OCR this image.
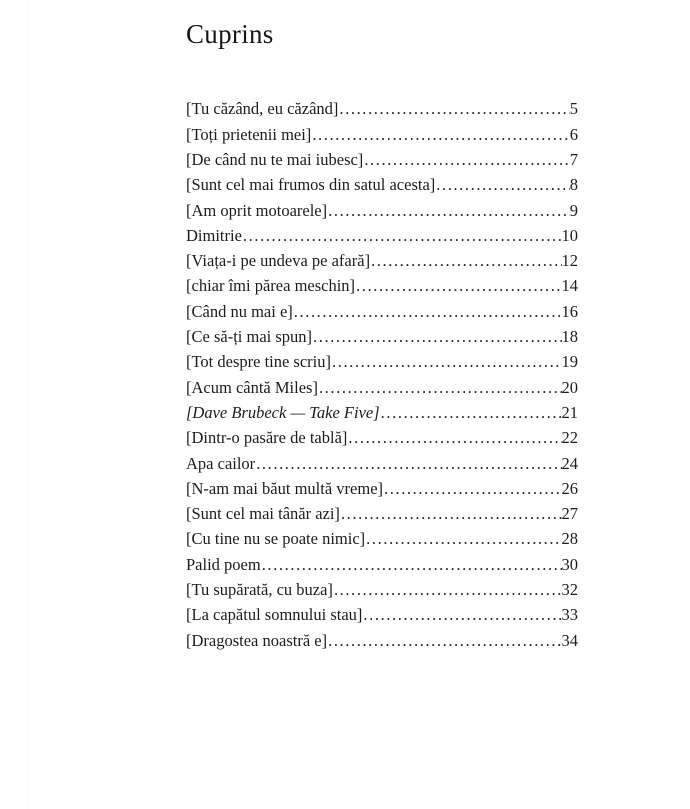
Cuprins
[Tu căzând, eu căzând] .....	5
[Toți prietenii mei] .....	6
[De când nu te mai iubesc] .....	7
[Sunt cel mai frumos din satul acesta] .....	8
[Am oprit motoarele] .....	9
Dimitrie .....	10
[Viața-i pe undeva pe afară] .....	12
[chiar îmi părea meschin] .....	14
[Când nu mai e] .....	16
[Ce să-ți mai spun] .....	18
[Tot despre tine scriu] .....	19
[Acum cântă Miles] .....	20
[Dave Brubeck — Take Five] .....	21
[Dintr-o pasăre de tablă] .....	22
Apa cailor .....	24
[N-am mai băut multă vreme] .....	26
[Sunt cel mai tânăr azi] .....	27
[Cu tine nu se poate nimic] .....	28
Palid poem .....	30
[Tu supărată, cu buza] .....	32
[La capătul somnului stau] .....	33
[Dragostea noastră e] .....	34
